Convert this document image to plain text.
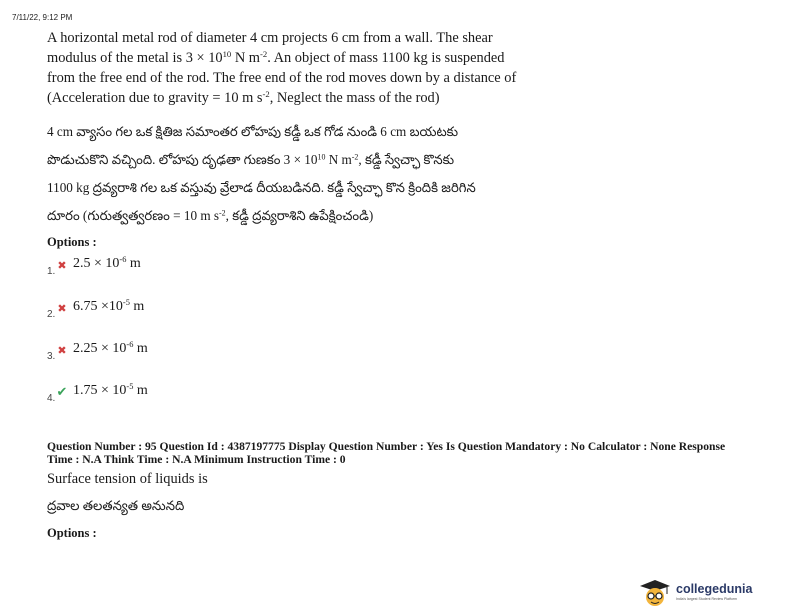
7/11/22, 9:12 PM
A horizontal metal rod of diameter 4 cm projects 6 cm from a wall. The shear
modulus of the metal is $3 \times 10^{10}$ N $m^{-2}$. An object of mass 1100 kg is suspended
from the free end of the rod. The free end of the rod moves down by a distance of
(Acceleration due to gravity = 10 m $s^{-2}$, Neglect the mass of the rod)
4 cm వ్యాసం గల ఒక క్షితిజ సమాంతర లోహపు కడ్డీ ఒక గోడ నుండి 6 cm బయటకు
పొడుచుకొని వచ్చింది. లోహపు దృఢతా గుణకం $3 \times 10^{10}$ N $m^{-2}$, కడ్డీ స్వేచ్ఛా కొనకు
1100 kg ద్రవ్యరాశి గల ఒక వస్తువు వ్రేలాడ దీయబడినది. కడ్డీ స్వేచ్ఛా కొన క్రిందికి జరిగిన
దూరం (గురుత్వత్వరణం = 10 m $s^{-2}$, కడ్డీ ద్రవ్యరాశిని ఉపేక్షించండి)
Options :
1. ✖ $2.5 \times 10^{-6}$ m
2. ✖ $6.75 \times 10^{-5}$ m
3. ✖ $2.25 \times 10^{-6}$ m
4.✔ $1.75 \times 10^{-5}$ m
Question Number : 95 Question Id : 4387197775 Display Question Number : Yes Is Question Mandatory : No Calculator : None Response
Time : N.A Think Time : N.A Minimum Instruction Time : 0
Surface tension of liquids is
ద్రవాల తలతన్యత అనునది
Options :
collegedunia
India's largest Student Review Platform
